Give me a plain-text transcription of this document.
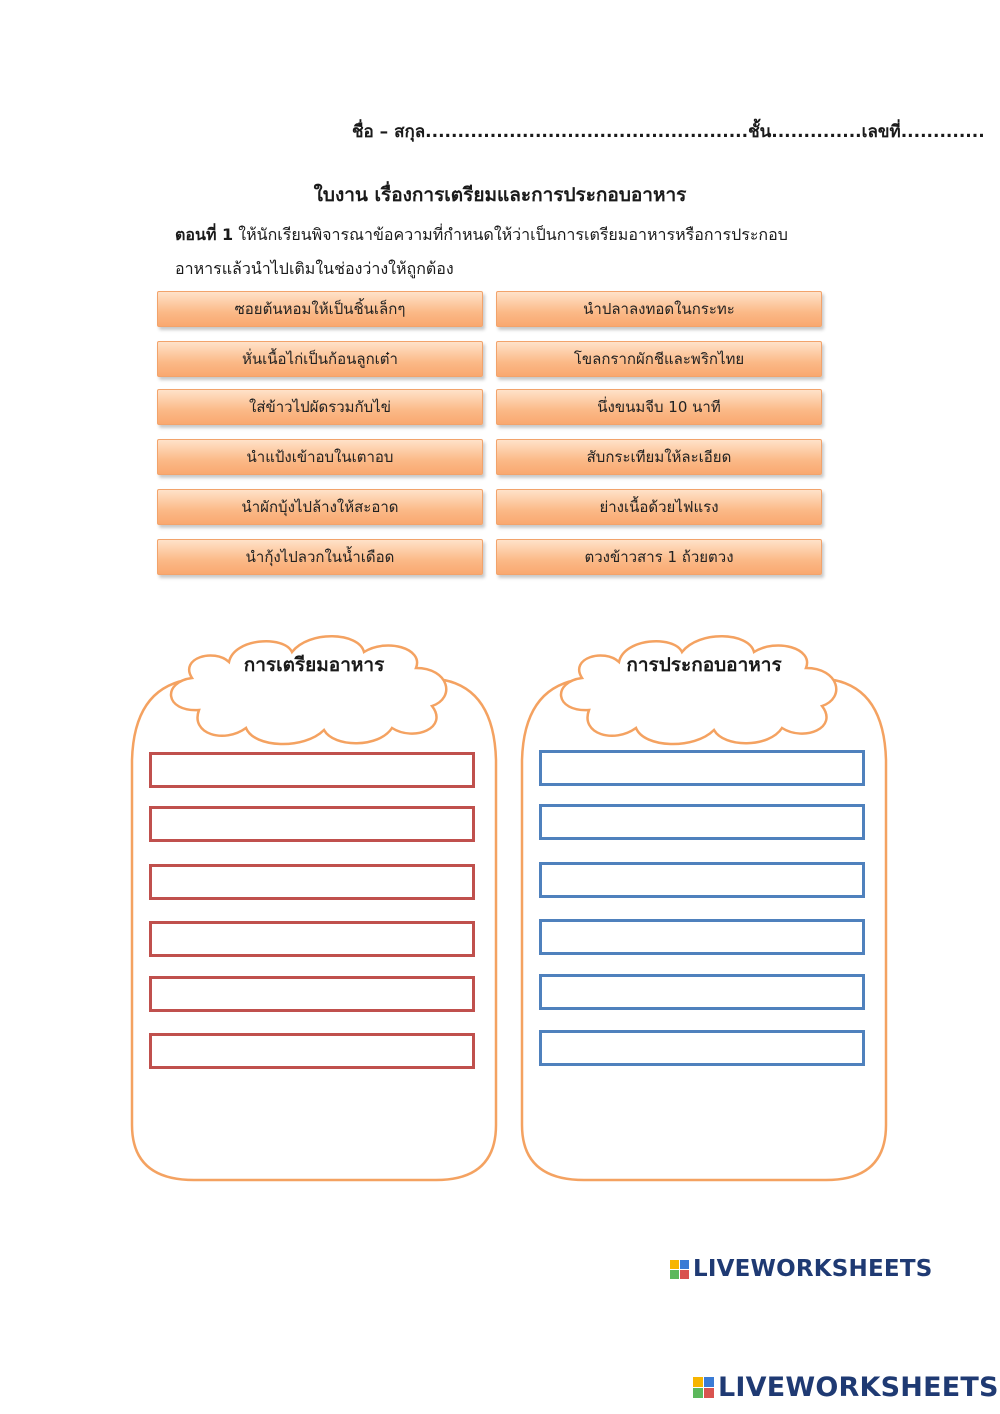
ชื่อ – สกุล..................................................ชั้น..............เลขที่.............
ใบงาน เรื่องการเตรียมและการประกอบอาหาร
ตอนที่ 1 ให้นักเรียนพิจารณาข้อความที่กำหนดให้ว่าเป็นการเตรียมอาหารหรือการประกอบอาหารแล้วนำไปเติมในช่องว่างให้ถูกต้อง
ซอยต้นหอมให้เป็นชิ้นเล็กๆ
หั่นเนื้อไก่เป็นก้อนลูกเต๋า
ใส่ข้าวไปผัดรวมกับไข่
นำแป้งเข้าอบในเตาอบ
นำผักบุ้งไปล้างให้สะอาด
นำกุ้งไปลวกในน้ำเดือด
นำปลาลงทอดในกระทะ
โขลกรากผักชีและพริกไทย
นึ่งขนมจีบ 10 นาที
สับกระเทียมให้ละเอียด
ย่างเนื้อด้วยไฟแรง
ตวงข้าวสาร 1 ถ้วยตวง
การเตรียมอาหาร	การประกอบอาหาร
LIVEWORKSHEETS
LIVEWORKSHEETS
